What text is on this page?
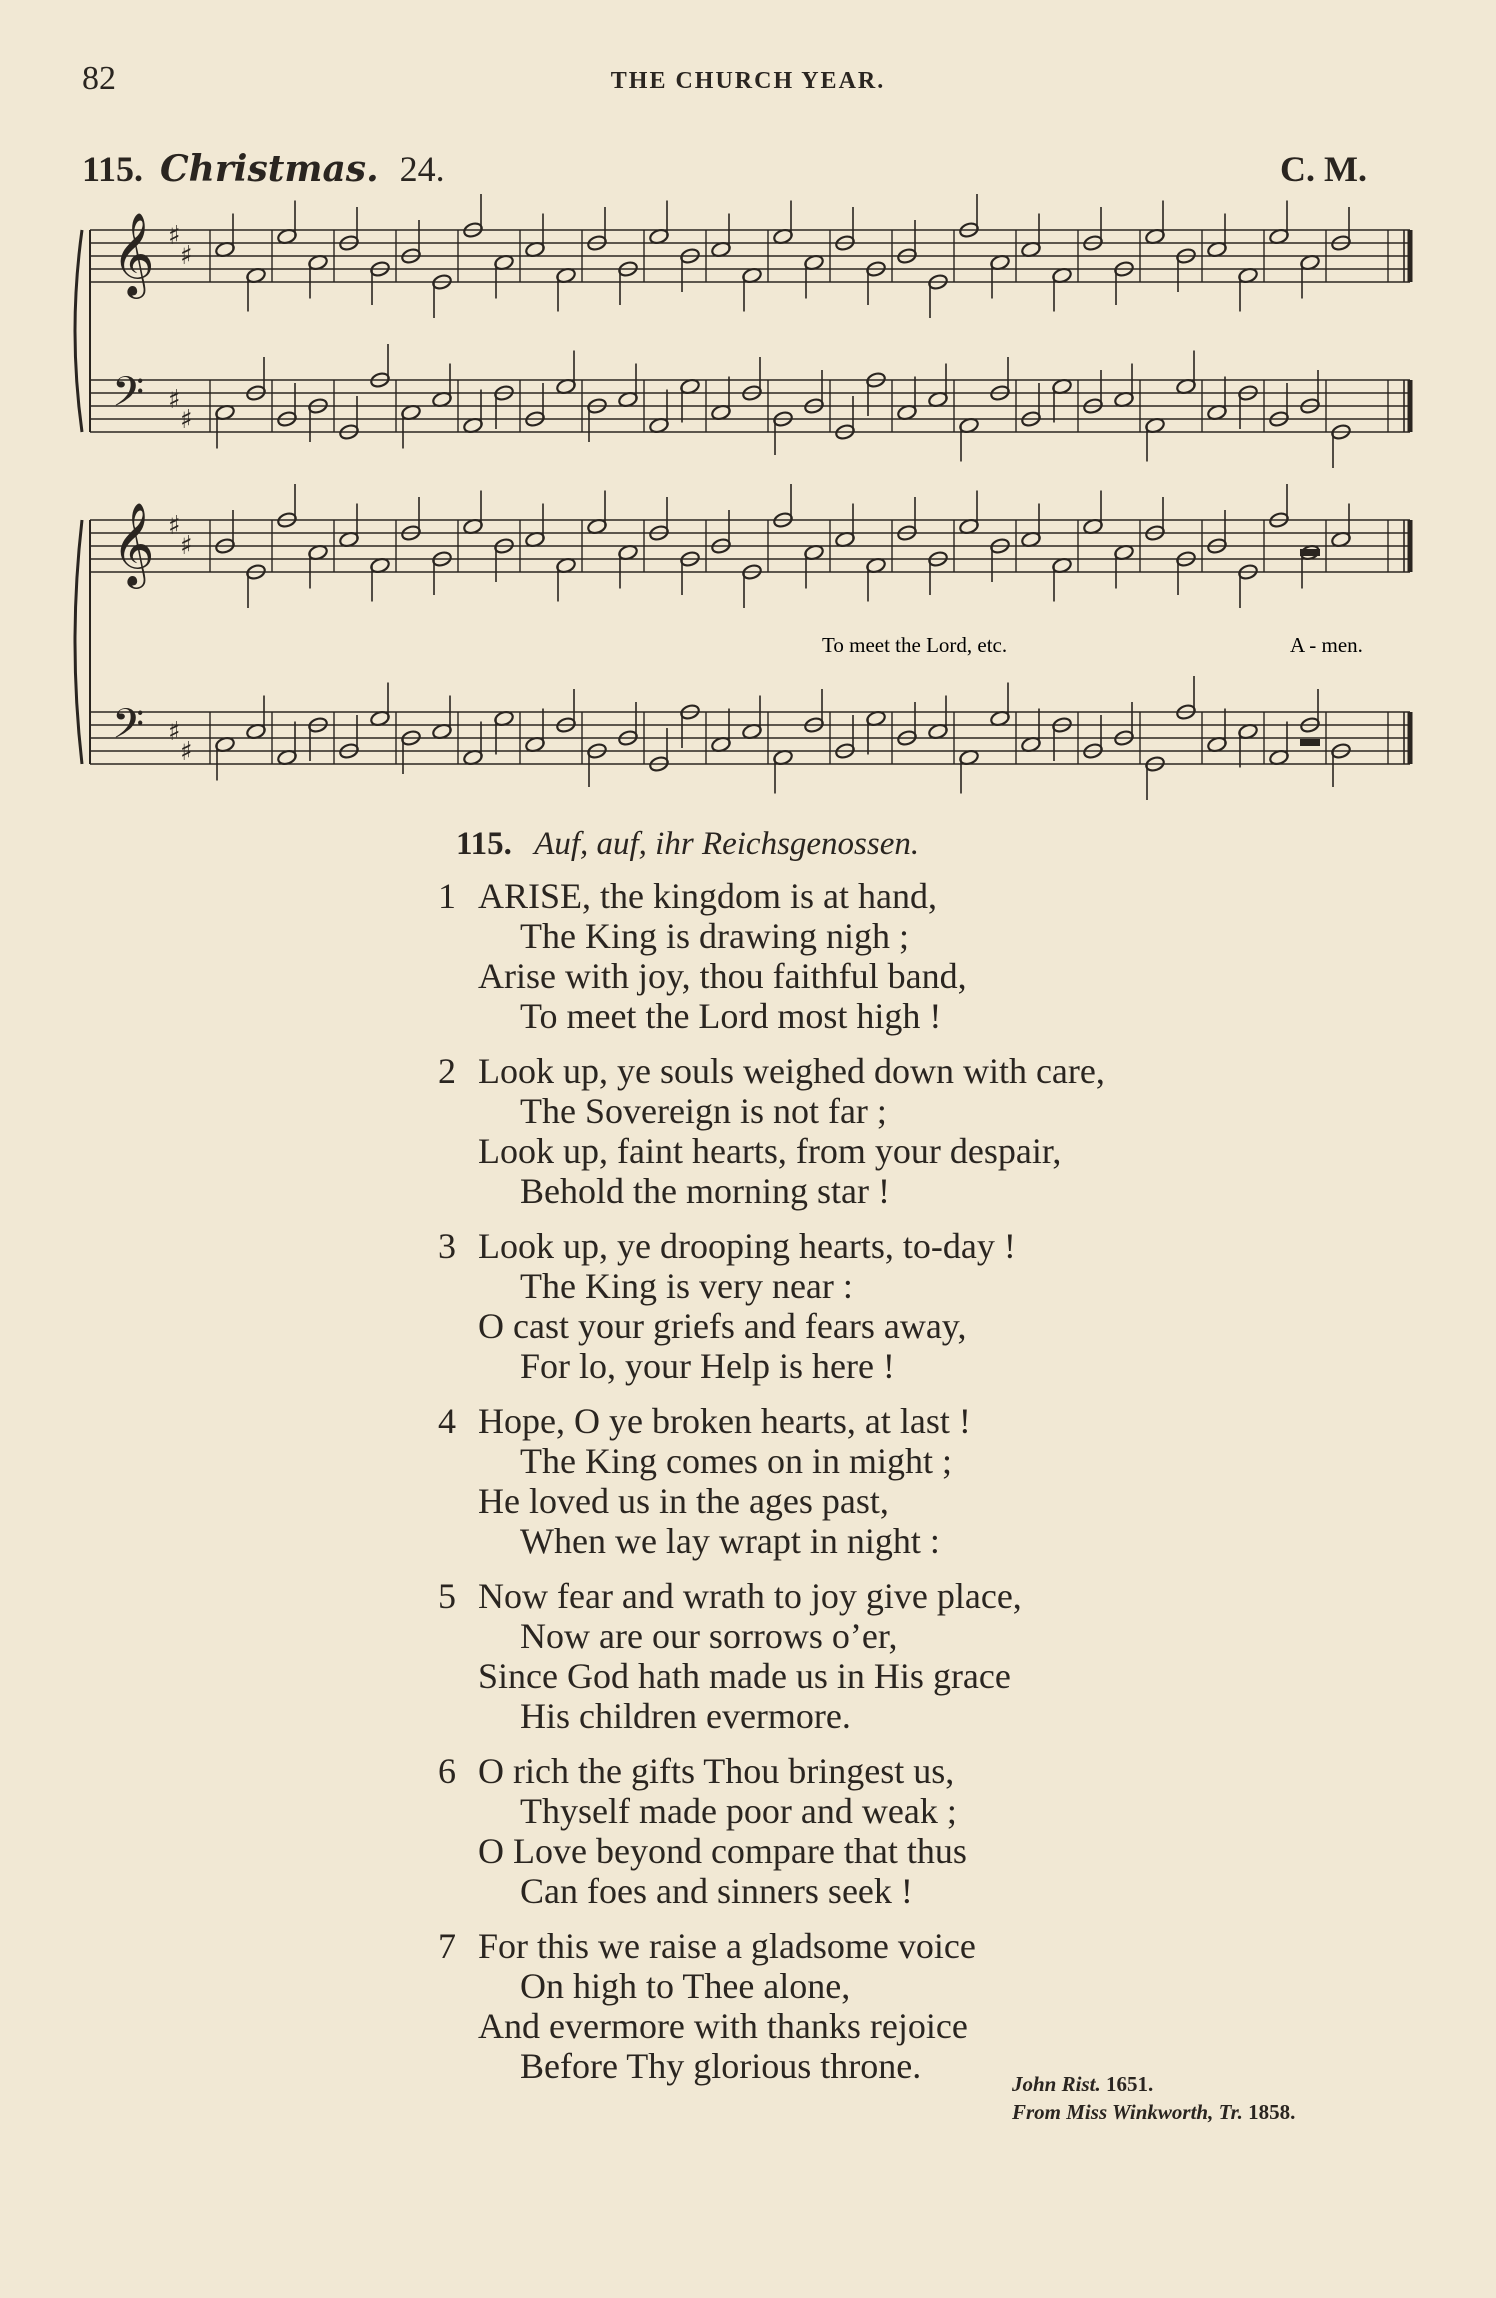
82	THE CHURCH YEAR.
115. Christmas. 24.	C. M.
𝄞 ♯
♯
𝄢 ♯
♯
𝄞 ♯
♯
𝄢 ♯
♯
To meet the Lord, etc.	A - men.
115. Auf, auf, ihr Reichsgenossen.
1 ARISE, the kingdom is at hand,
The King is drawing nigh ;
Arise with joy, thou faithful band,
To meet the Lord most high !
2 Look up, ye souls weighed down with care,
The Sovereign is not far ;
Look up, faint hearts, from your despair,
Behold the morning star !
3 Look up, ye drooping hearts, to-day !
The King is very near :
O cast your griefs and fears away,
For lo, your Help is here !
4 Hope, O ye broken hearts, at last !
The King comes on in might ;
He loved us in the ages past,
When we lay wrapt in night :
5 Now fear and wrath to joy give place,
Now are our sorrows o’er,
Since God hath made us in His grace
His children evermore.
6 O rich the gifts Thou bringest us,
Thyself made poor and weak ;
O Love beyond compare that thus
Can foes and sinners seek !
7 For this we raise a gladsome voice
On high to Thee alone,
And evermore with thanks rejoice
Before Thy glorious throne.	John Rist. 1651.
From Miss Winkworth, Tr. 1858.
